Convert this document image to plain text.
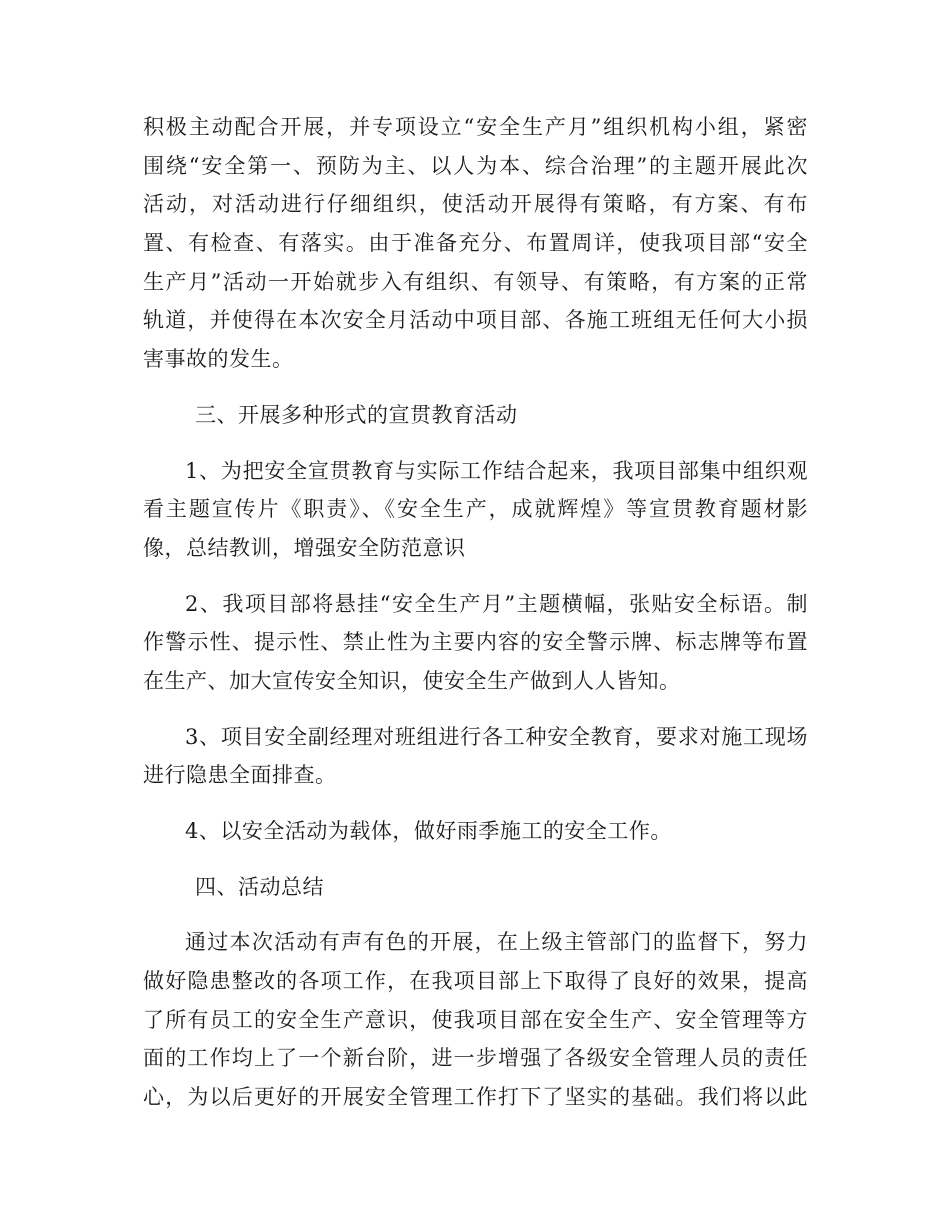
积极主动配合开展，并专项设立“安全生产月”组织机构小组，紧密
围绕“安全第一、预防为主、以人为本、综合治理”的主题开展此次
活动，对活动进行仔细组织，使活动开展得有策略，有方案、有布
置、有检查、有落实。由于准备充分、布置周详，使我项目部“安全
生产月”活动一开始就步入有组织、有领导、有策略，有方案的正常
轨道，并使得在本次安全月活动中项目部、各施工班组无任何大小损
害事故的发生。
三、开展多种形式的宣贯教育活动
1、为把安全宣贯教育与实际工作结合起来，我项目部集中组织观
看主题宣传片《职责》、《安全生产，成就辉煌》等宣贯教育题材影
像，总结教训，增强安全防范意识
2、我项目部将悬挂“安全生产月”主题横幅，张贴安全标语。制
作警示性、提示性、禁止性为主要内容的安全警示牌、标志牌等布置
在生产、加大宣传安全知识，使安全生产做到人人皆知。
3、项目安全副经理对班组进行各工种安全教育，要求对施工现场
进行隐患全面排查。
4、以安全活动为载体，做好雨季施工的安全工作。
四、活动总结
通过本次活动有声有色的开展，在上级主管部门的监督下，努力
做好隐患整改的各项工作，在我项目部上下取得了良好的效果，提高
了所有员工的安全生产意识，使我项目部在安全生产、安全管理等方
面的工作均上了一个新台阶，进一步增强了各级安全管理人员的责任
心，为以后更好的开展安全管理工作打下了坚实的基础。我们将以此
